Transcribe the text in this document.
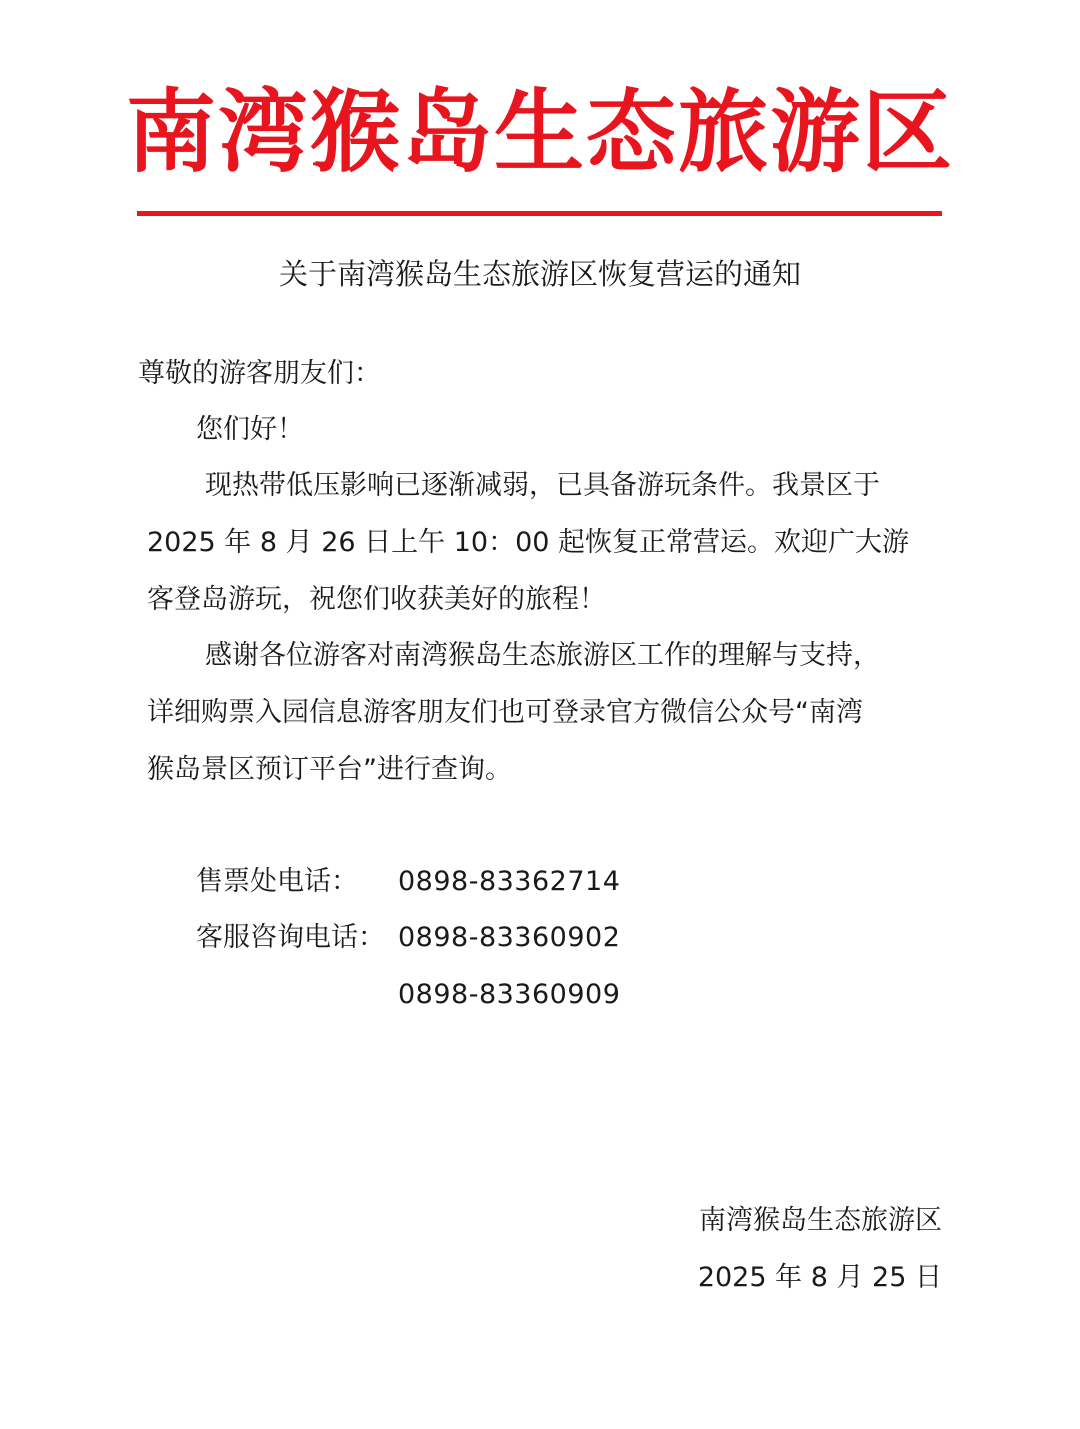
南湾猴岛生态旅游区
关于南湾猴岛生态旅游区恢复营运的通知
尊敬的游客朋友们：
您们好！
现热带低压影响已逐渐减弱，已具备游玩条件。我景区于
2025 年 8 月 26 日上午 10：00 起恢复正常营运。欢迎广大游
客登岛游玩，祝您们收获美好的旅程！
感谢各位游客对南湾猴岛生态旅游区工作的理解与支持，
详细购票入园信息游客朋友们也可登录官方微信公众号“南湾
猴岛景区预订平台”进行查询。
售票处电话： 0898-83362714
客服咨询电话： 0898-83360902
0898-83360909
南湾猴岛生态旅游区
2025 年 8 月 25 日
